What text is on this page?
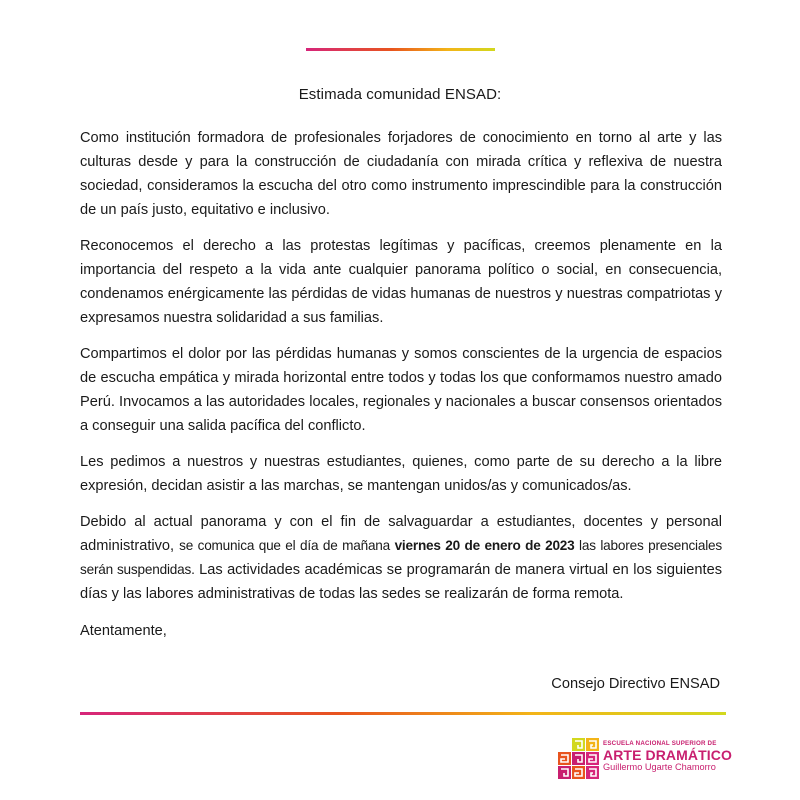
Estimada comunidad ENSAD:

Como institución formadora de profesionales forjadores de conocimiento en torno al arte y las culturas desde y para la construcción de ciudadanía con mirada crítica y reflexiva de nuestra sociedad, consideramos la escucha del otro como instrumento imprescindible para la construcción de un país justo, equitativo e inclusivo.

Reconocemos el derecho a las protestas legítimas y pacíficas, creemos plenamente en la importancia del respeto a la vida ante cualquier panorama político o social, en consecuencia, condenamos enérgicamente las pérdidas de vidas humanas de nuestros y nuestras compatriotas y expresamos nuestra solidaridad a sus familias.

Compartimos el dolor por las pérdidas humanas y somos conscientes de la urgencia de espacios de escucha empática y mirada horizontal entre todos y todas los que conformamos nuestro amado Perú. Invocamos a las autoridades locales, regionales y nacionales a buscar consensos orientados a conseguir una salida pacífica del conflicto.

Les pedimos a nuestros y nuestras estudiantes, quienes, como parte de su derecho a la libre expresión, decidan asistir a las marchas, se mantengan unidos/as y comunicados/as.

Debido al actual panorama y con el fin de salvaguardar a estudiantes, docentes y personal administrativo, se comunica que el día de mañana viernes 20 de enero de 2023 las labores presenciales serán suspendidas. Las actividades académicas se programarán de manera virtual en los siguientes días y las labores administrativas de todas las sedes se realizarán de forma remota.

Atentamente,
Consejo Directivo ENSAD
ESCUELA NACIONAL SUPERIOR DE
ARTE DRAMÁTICO
Guillermo Ugarte Chamorro
